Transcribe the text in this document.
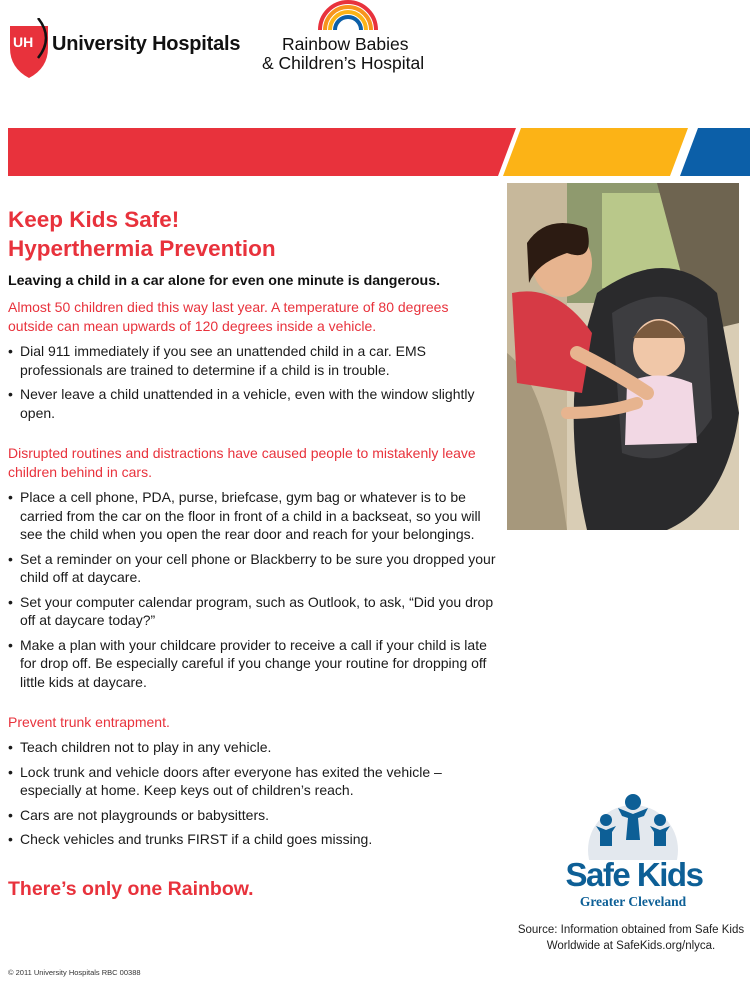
UH University Hospitals Rainbow Babies
& Children’s Hospital
Keep Kids Safe!
Hyperthermia Prevention
Leaving a child in a car alone for even one minute is dangerous.
Almost 50 children died this way last year. A temperature of 80 degrees outside can mean upwards of 120 degrees inside a vehicle.
• Dial 911 immediately if you see an unattended child in a car. EMS professionals are trained to determine if a child is in trouble.
• Never leave a child unattended in a vehicle, even with the window slightly open.
Disrupted routines and distractions have caused people to mistakenly leave children behind in cars.
• Place a cell phone, PDA, purse, briefcase, gym bag or whatever is to be carried from the car on the floor in front of a child in a backseat, so you will see the child when you open the rear door and reach for your belongings.
• Set a reminder on your cell phone or Blackberry to be sure you dropped your child off at daycare.
• Set your computer calendar program, such as Outlook, to ask, “Did you drop off at daycare today?”
• Make a plan with your childcare provider to receive a call if your child is late for drop off. Be especially careful if you change your routine for dropping off little kids at daycare.
Prevent trunk entrapment.
• Teach children not to play in any vehicle.
• Lock trunk and vehicle doors after everyone has exited the vehicle – especially at home. Keep keys out of children’s reach.
• Cars are not playgrounds or babysitters.
• Check vehicles and trunks FIRST if a child goes missing.
There’s only one Rainbow.	Safe Kids
Greater Cleveland
Source: Information obtained from Safe Kids Worldwide at SafeKids.org/nlyca.
© 2011 University Hospitals RBC 00388
